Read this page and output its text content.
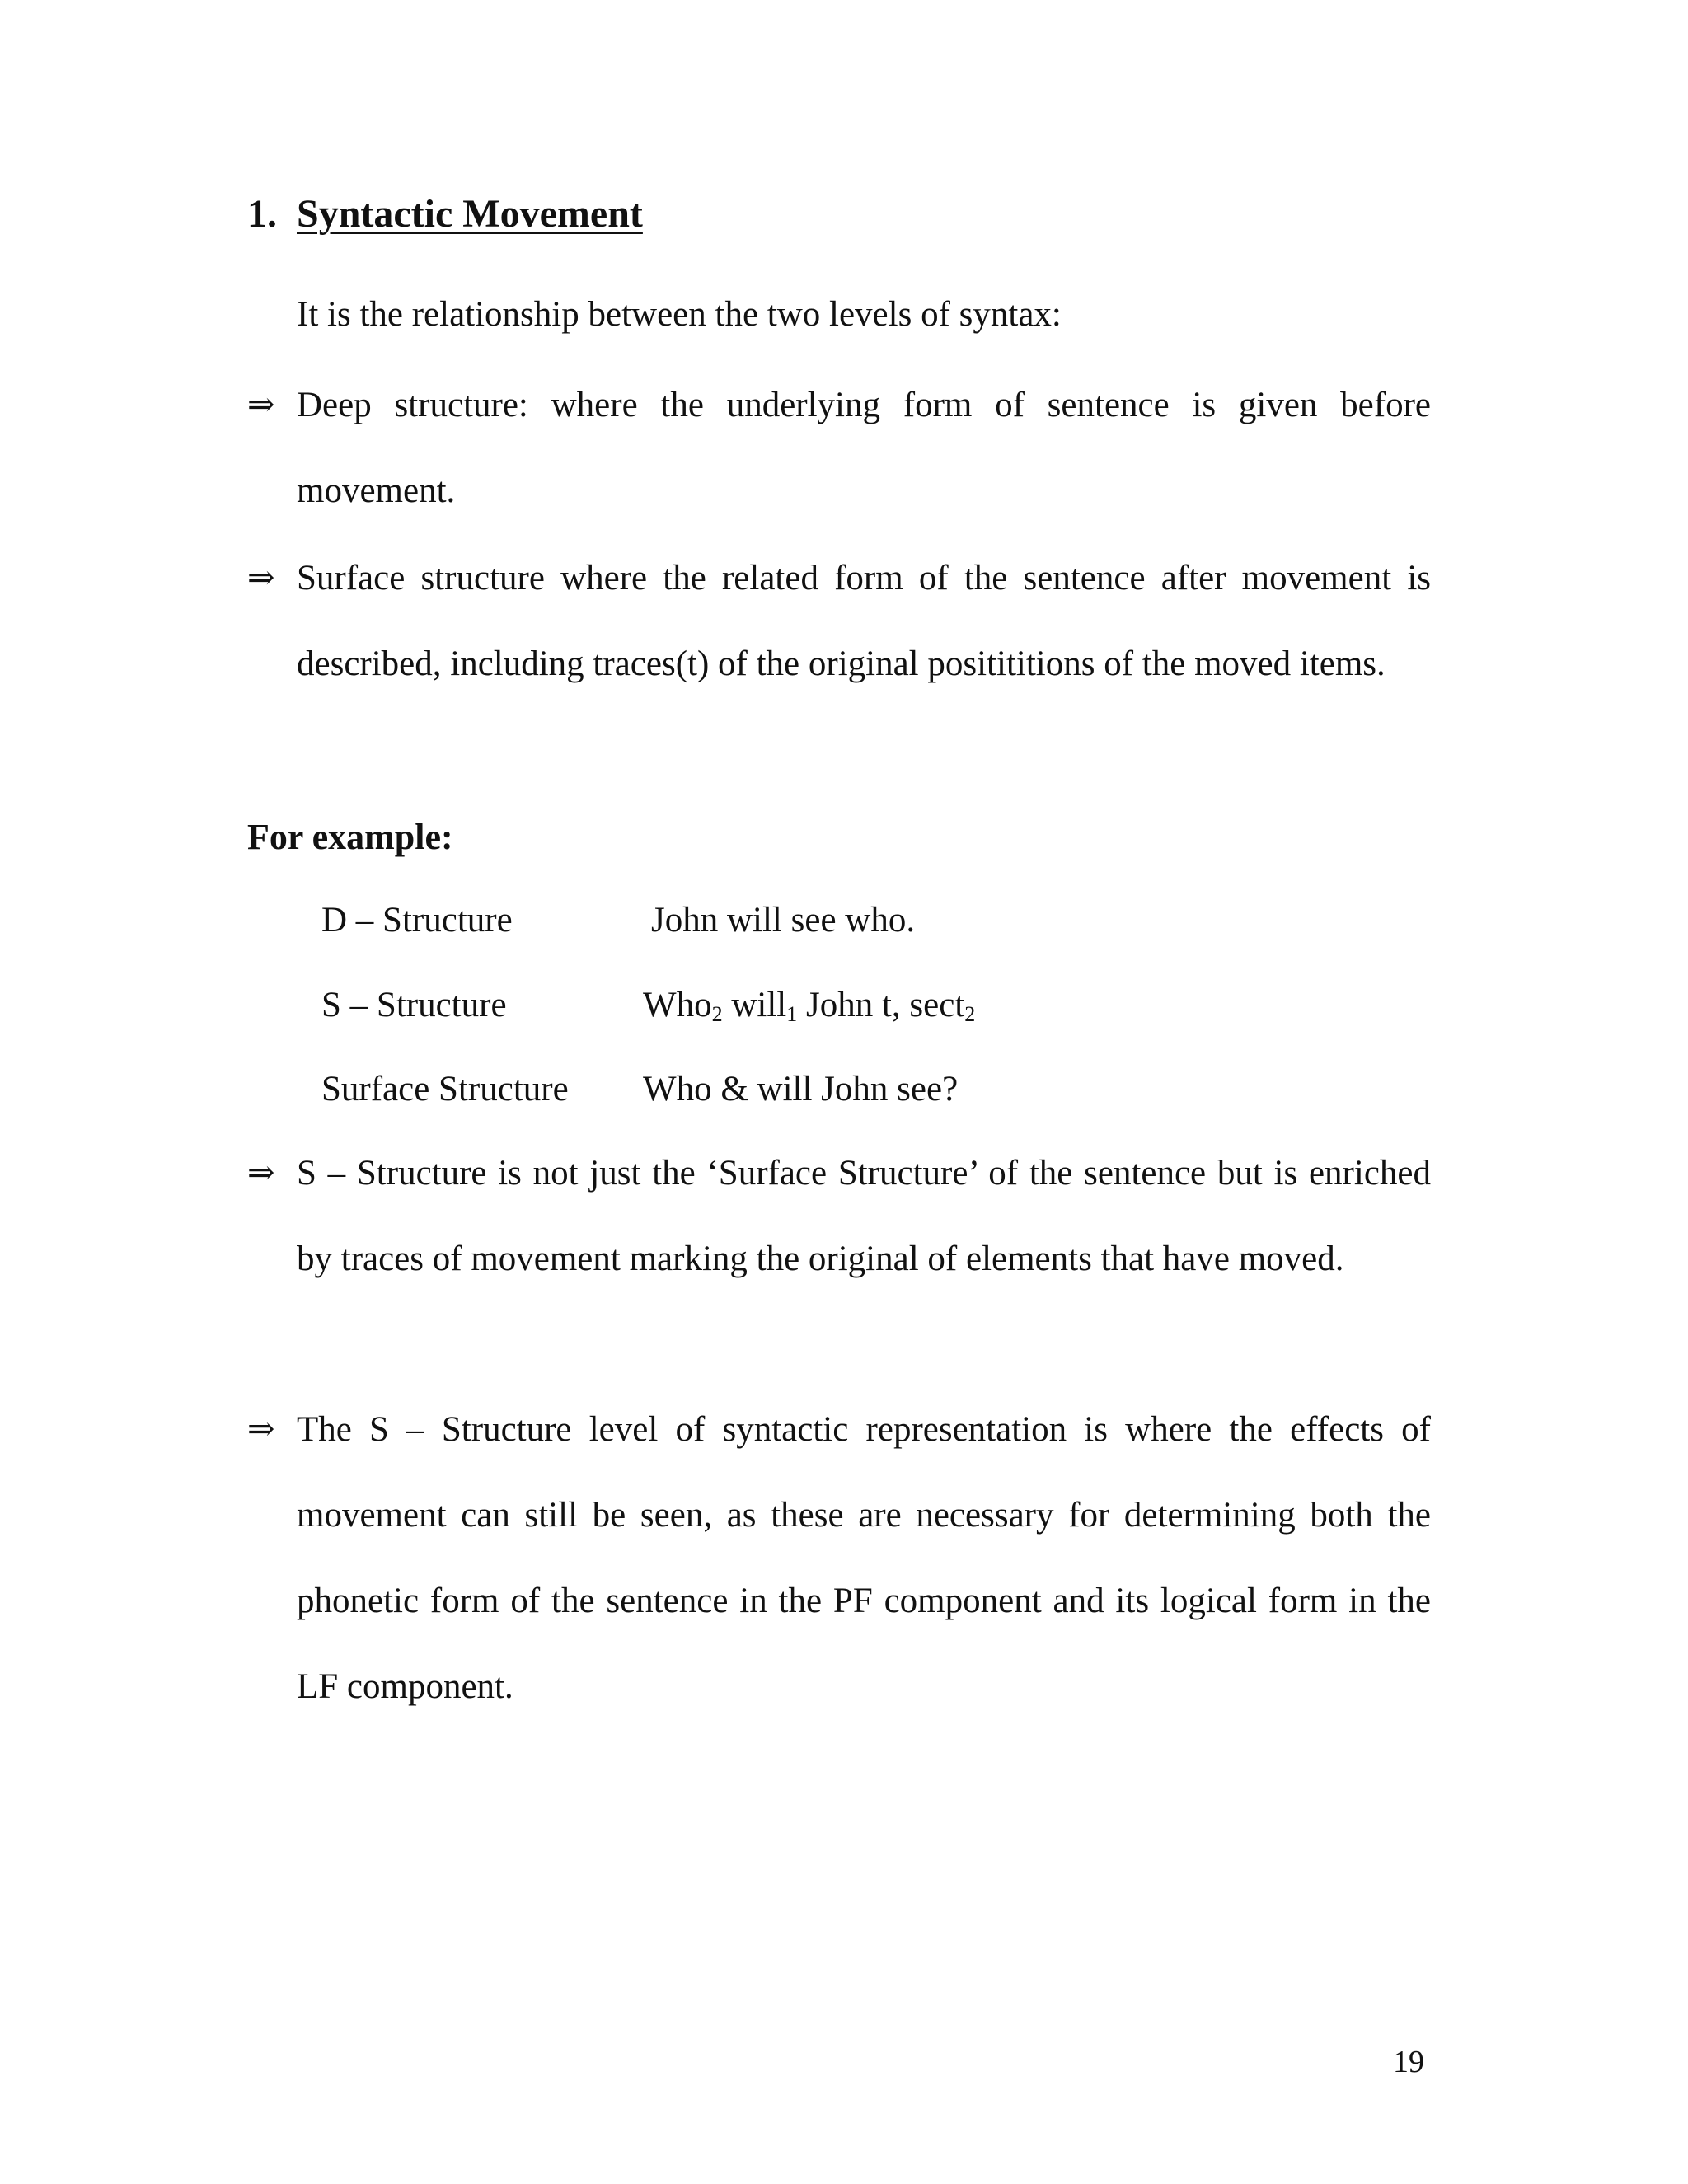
1. Syntactic Movement
It is the relationship between the two levels of syntax:
⇒ Deep structure: where the underlying form of sentence is given before movement.
⇒ Surface structure where the related form of the sentence after movement is described, including traces(t) of the original positititions of the moved items.
For example:
D – Structure	John will see who.
S – Structure	Who$_2$ will$_1$ John t, sect$_2$
Surface Structure Who & will John see?
⇒ S – Structure is not just the ‘Surface Structure’ of the sentence but is enriched by traces of movement marking the original of elements that have moved.
⇒ The S – Structure level of syntactic representation is where the effects of movement can still be seen, as these are necessary for determining both the phonetic form of the sentence in the PF component and its logical form in the LF component.
19
